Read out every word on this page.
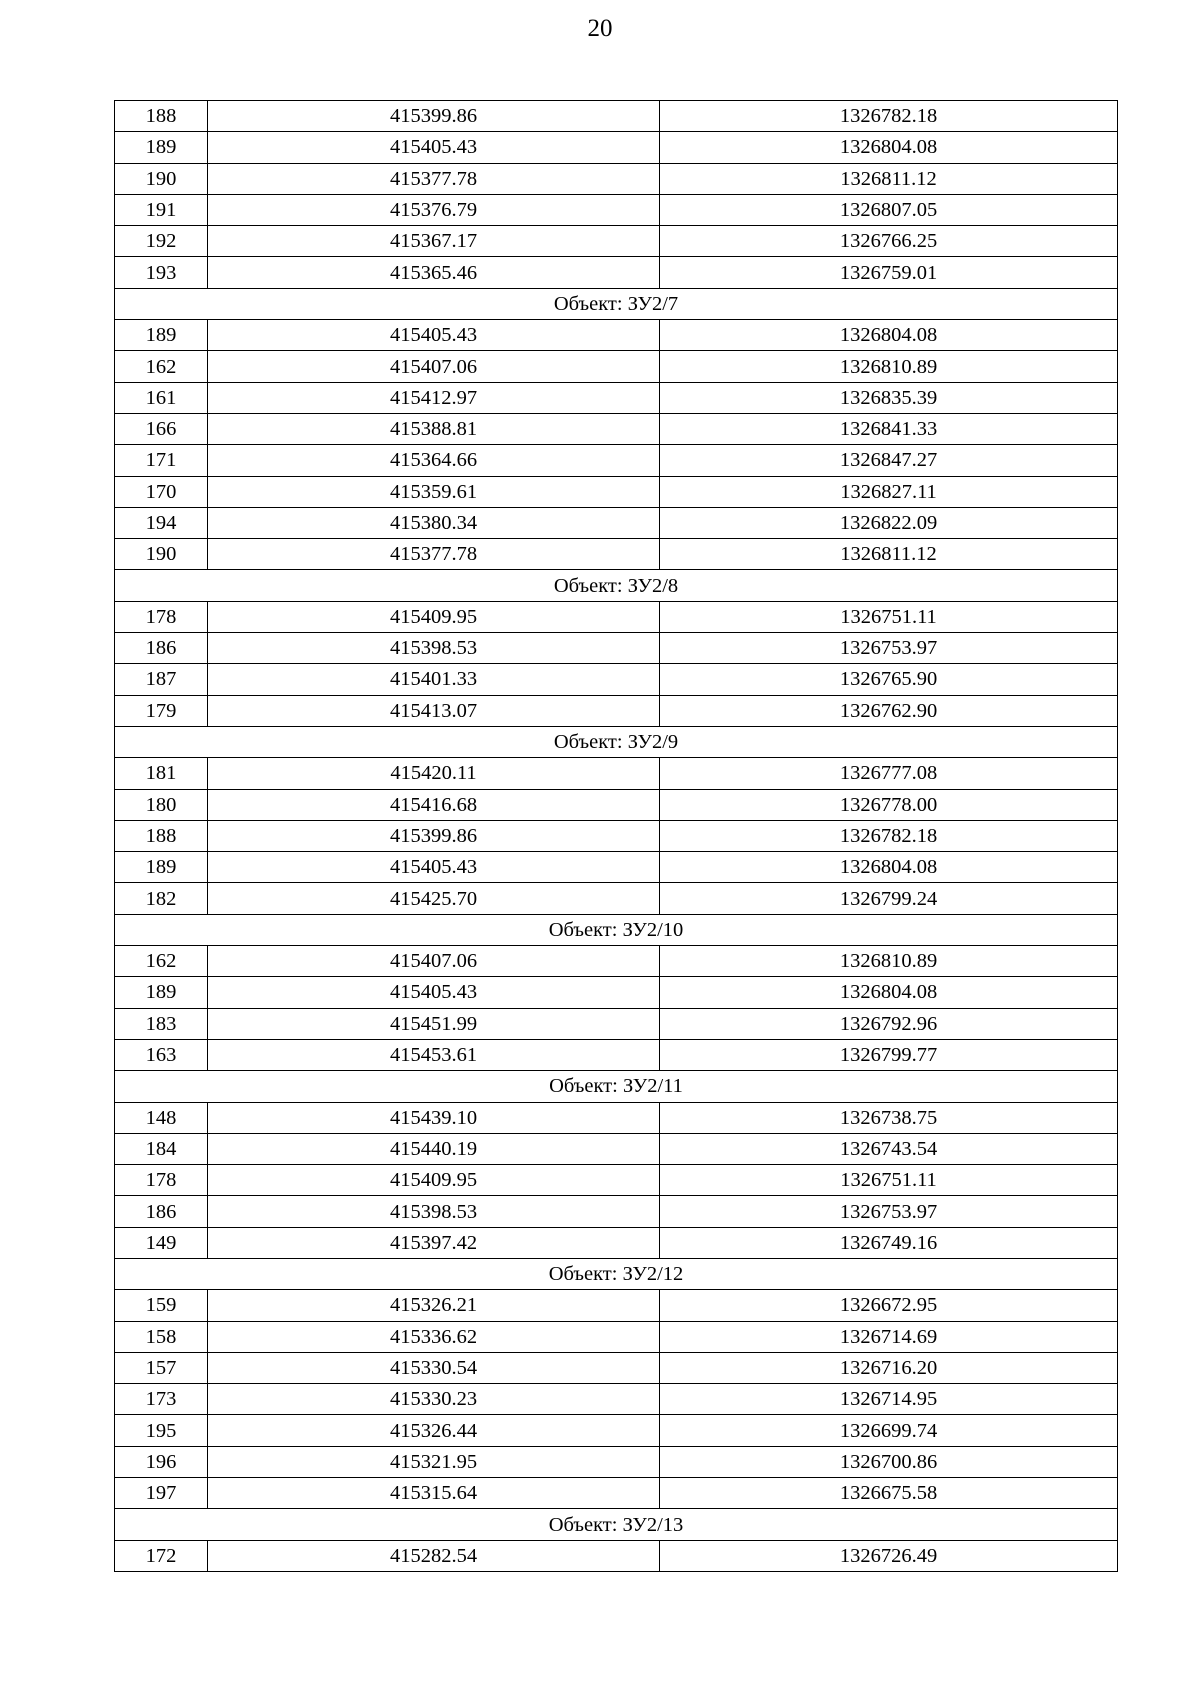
20
188	415399.86	1326782.18
189	415405.43	1326804.08
190	415377.78	1326811.12
191	415376.79	1326807.05
192	415367.17	1326766.25
193	415365.46	1326759.01
Объект: ЗУ2/7		
189	415405.43	1326804.08
162	415407.06	1326810.89
161	415412.97	1326835.39
166	415388.81	1326841.33
171	415364.66	1326847.27
170	415359.61	1326827.11
194	415380.34	1326822.09
190	415377.78	1326811.12
Объект: ЗУ2/8		
178	415409.95	1326751.11
186	415398.53	1326753.97
187	415401.33	1326765.90
179	415413.07	1326762.90
Объект: ЗУ2/9		
181	415420.11	1326777.08
180	415416.68	1326778.00
188	415399.86	1326782.18
189	415405.43	1326804.08
182	415425.70	1326799.24
Объект: ЗУ2/10		
162	415407.06	1326810.89
189	415405.43	1326804.08
183	415451.99	1326792.96
163	415453.61	1326799.77
Объект: ЗУ2/11		
148	415439.10	1326738.75
184	415440.19	1326743.54
178	415409.95	1326751.11
186	415398.53	1326753.97
149	415397.42	1326749.16
Объект: ЗУ2/12		
159	415326.21	1326672.95
158	415336.62	1326714.69
157	415330.54	1326716.20
173	415330.23	1326714.95
195	415326.44	1326699.74
196	415321.95	1326700.86
197	415315.64	1326675.58
Объект: ЗУ2/13		
172	415282.54	1326726.49
